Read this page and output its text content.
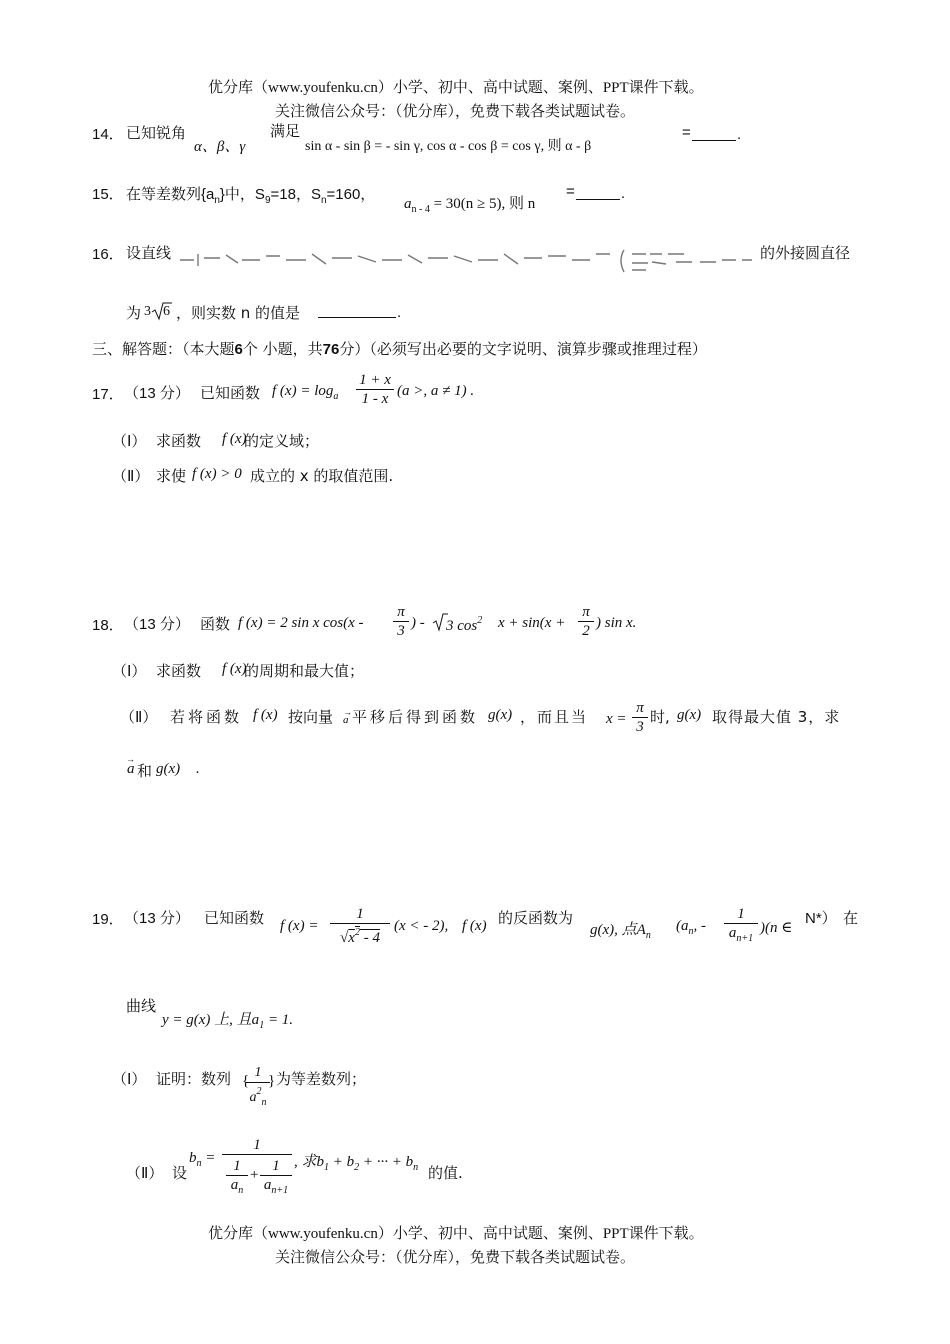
优分库（www.youfenku.cn）小学、初中、高中试题、案例、PPT课件下载。
关注微信公众号：（优分库），免费下载各类试题试卷。
14． 已知锐角
α、β、γ
满足
sin α - sin β = - sin γ, cos α - cos β = cos γ, 则 α - β
=	.
15． 在等差数列$\{a_n\}$中，$S_9=18$，$S_n=160$，
$a_{n - 4} = 30(n \ge 5)$, 则 n
=	.
16． 设直线	的外接圆直径
为 3 6 ，则实数 n 的值是	.
三、解答题：（本大题6个 小题，共76分）（必须写出必要的文字说明、演算步骤或推理过程）
17． （13 分） 已知函数 f $(x) = \log_a \frac{1 + x}{1 - x} (a$ >, a ≠ 1) .
（Ⅰ） 求函数 f (x)
的定义域；
（Ⅱ） 求使 f (x) > 0 成立的 x 的取值范围.
18． （13 分） 函数 f (x) = 2 sin x $\cos(x - \frac{\pi}{3}$ ) - 3 $\cos^2 x + \sin(x + \frac{\pi}{2}$ ) sin x.
（Ⅰ） 求函数 f (x)
的周期和最大值；
（Ⅱ） 若将函数 f (x) 按向量 a
→ 平移后得到函数 g(x) ，而且当 $x = \frac{\pi}{3}$ 时, g(x) 取得最大值 3，求
→
a 和 g(x) .
19． （13 分） 已知函数 f $(x) = \frac{1}{√x^2 - 4} (x$ < - 2), f (x) 的反函数为
g(x), 点$A_n$
($a_n$, - $\frac{1}{a_{n+1}} )(n$ ∈
N*） 在
曲线
y = g(x) 上, 且$a_1 = 1$.
（Ⅰ） 证明：数列 {
$\frac{1}{a^2_n}$
} 为等差数列；
（Ⅱ） 设
$b_n = \frac{1}{\frac{1}{a_n} + \frac{1}{a_{n+1}}}$ , 求$b_1 + b_2$ + ··· + $b_n$ 的值.
优分库（www.youfenku.cn）小学、初中、高中试题、案例、PPT课件下载。
关注微信公众号：（优分库），免费下载各类试题试卷。
